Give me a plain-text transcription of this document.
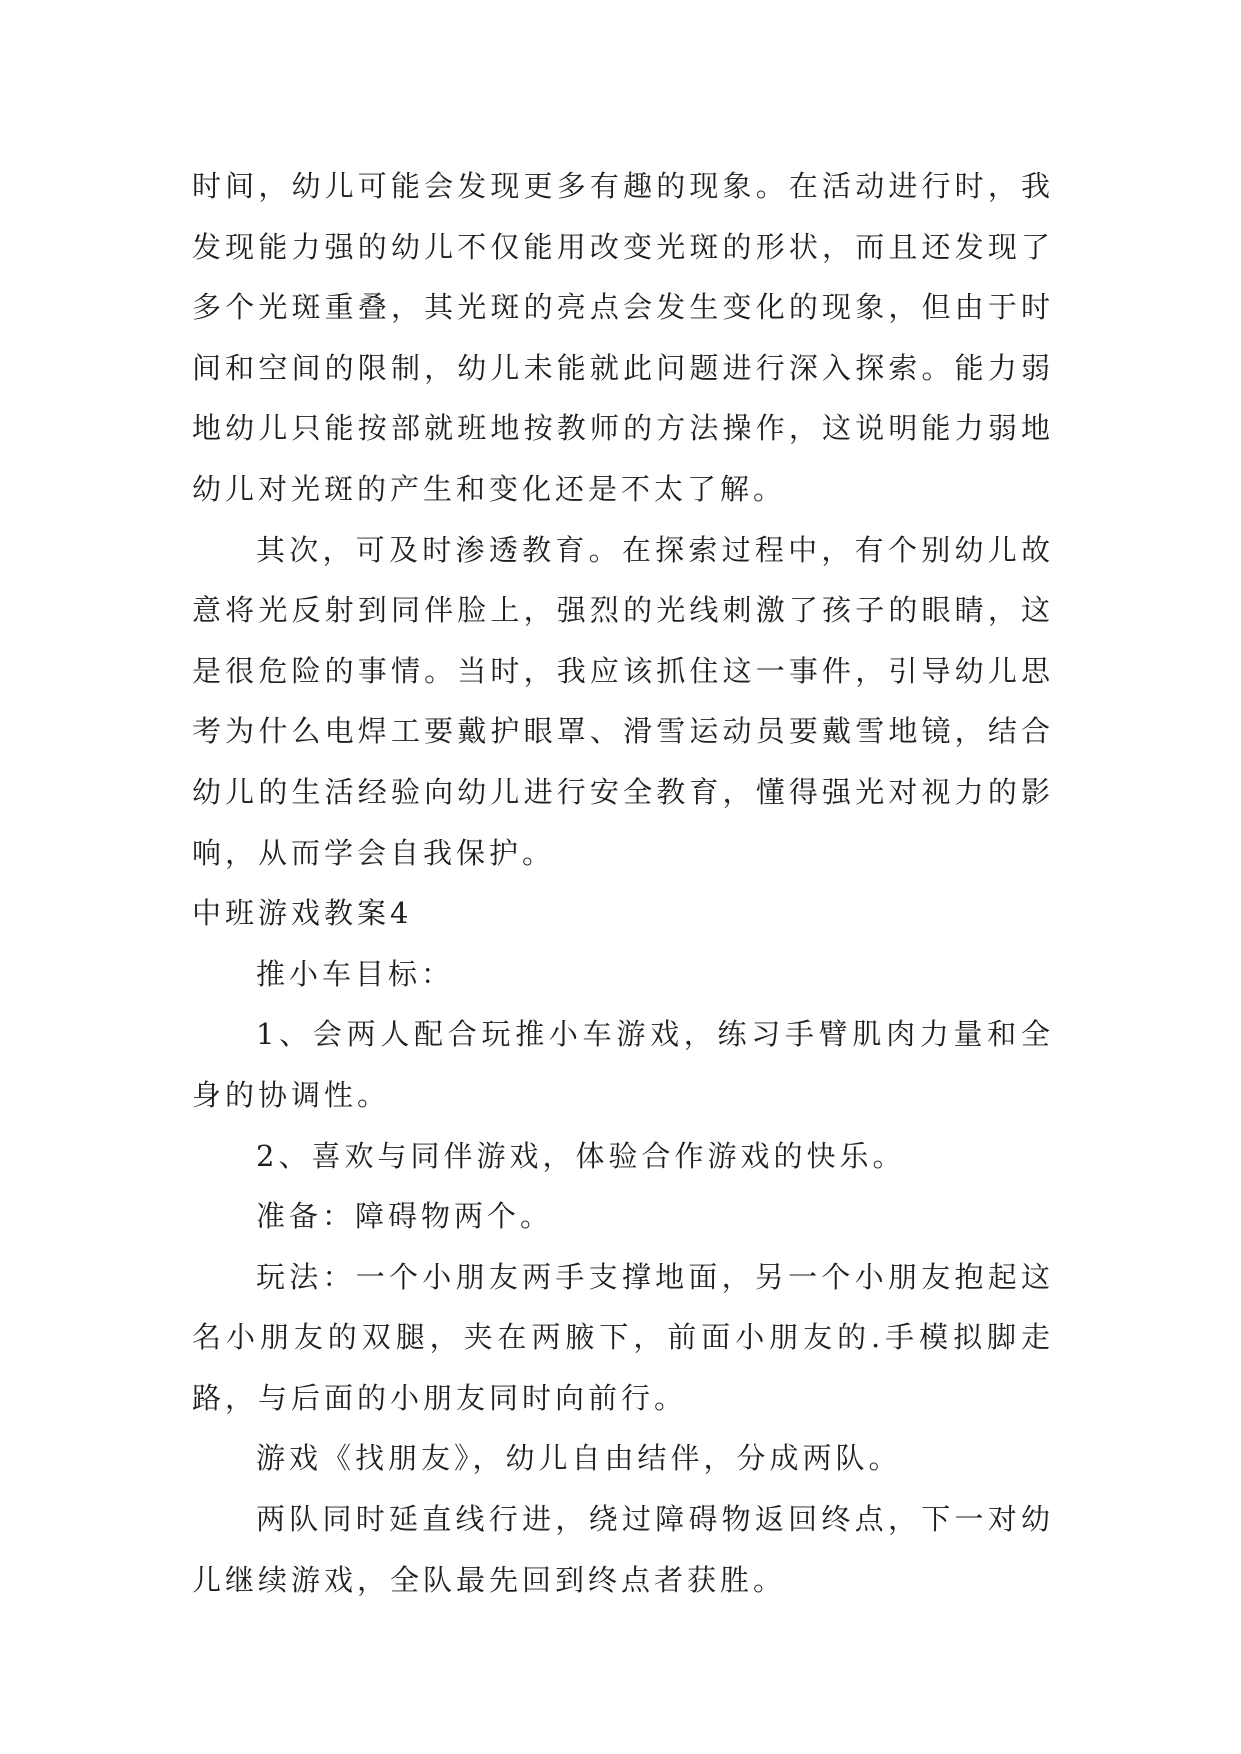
时间，幼儿可能会发现更多有趣的现象。在活动进行时，我发现能力强的幼儿不仅能用改变光斑的形状，而且还发现了多个光斑重叠，其光斑的亮点会发生变化的现象，但由于时间和空间的限制，幼儿未能就此问题进行深入探索。能力弱地幼儿只能按部就班地按教师的方法操作，这说明能力弱地幼儿对光斑的产生和变化还是不太了解。

其次，可及时渗透教育。在探索过程中，有个别幼儿故意将光反射到同伴脸上，强烈的光线刺激了孩子的眼睛，这是很危险的事情。当时，我应该抓住这一事件，引导幼儿思考为什么电焊工要戴护眼罩、滑雪运动员要戴雪地镜，结合幼儿的生活经验向幼儿进行安全教育，懂得强光对视力的影响，从而学会自我保护。

中班游戏教案4

推小车目标：

1、会两人配合玩推小车游戏，练习手臂肌肉力量和全身的协调性。

2、喜欢与同伴游戏，体验合作游戏的快乐。

准备：障碍物两个。

玩法：一个小朋友两手支撑地面，另一个小朋友抱起这名小朋友的双腿，夹在两腋下，前面小朋友的.手模拟脚走路，与后面的小朋友同时向前行。

游戏《找朋友》，幼儿自由结伴，分成两队。

两队同时延直线行进，绕过障碍物返回终点，下一对幼儿继续游戏，全队最先回到终点者获胜。
